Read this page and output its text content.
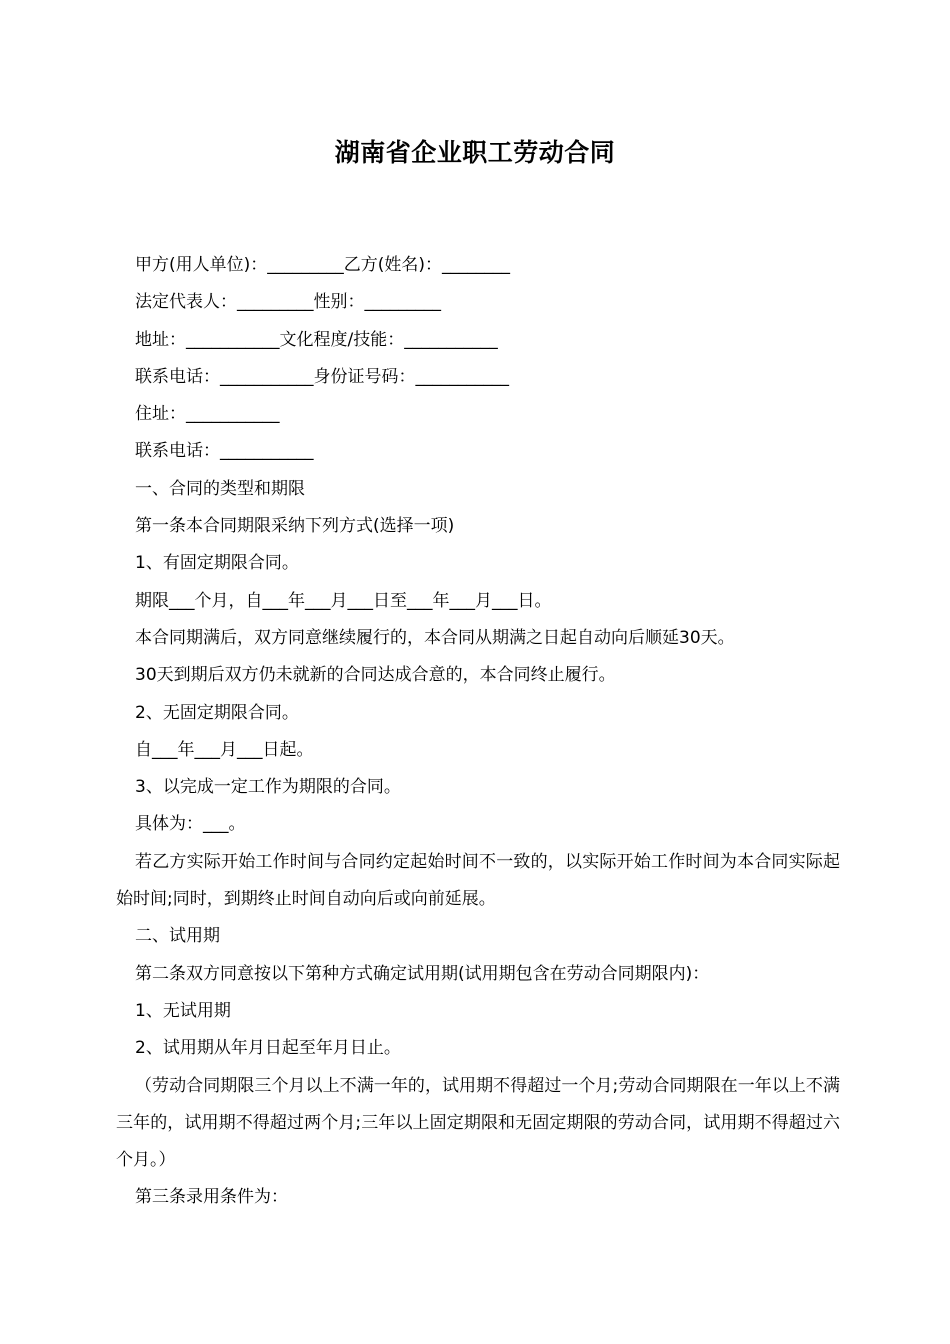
湖南省企业职工劳动合同

甲方(用人单位)：_________乙方(姓名)：________

法定代表人：_________性别：_________

地址：___________文化程度/技能：___________

联系电话：___________身份证号码：___________

住址：___________

联系电话：___________

一、合同的类型和期限

第一条本合同期限采纳下列方式(选择一项)

1、有固定期限合同。

期限___个月，自___年___月___日至___年___月___日。

本合同期满后，双方同意继续履行的，本合同从期满之日起自动向后顺延30天。

30天到期后双方仍未就新的合同达成合意的，本合同终止履行。

2、无固定期限合同。

自___年___月___日起。

3、以完成一定工作为期限的合同。

具体为：___。

若乙方实际开始工作时间与合同约定起始时间不一致的，以实际开始工作时间为本合同实际起始时间;同时，到期终止时间自动向后或向前延展。

二、试用期

第二条双方同意按以下第种方式确定试用期(试用期包含在劳动合同期限内)：

1、无试用期

2、试用期从年月日起至年月日止。

（劳动合同期限三个月以上不满一年的，试用期不得超过一个月;劳动合同期限在一年以上不满三年的，试用期不得超过两个月;三年以上固定期限和无固定期限的劳动合同，试用期不得超过六个月。）

第三条录用条件为：
